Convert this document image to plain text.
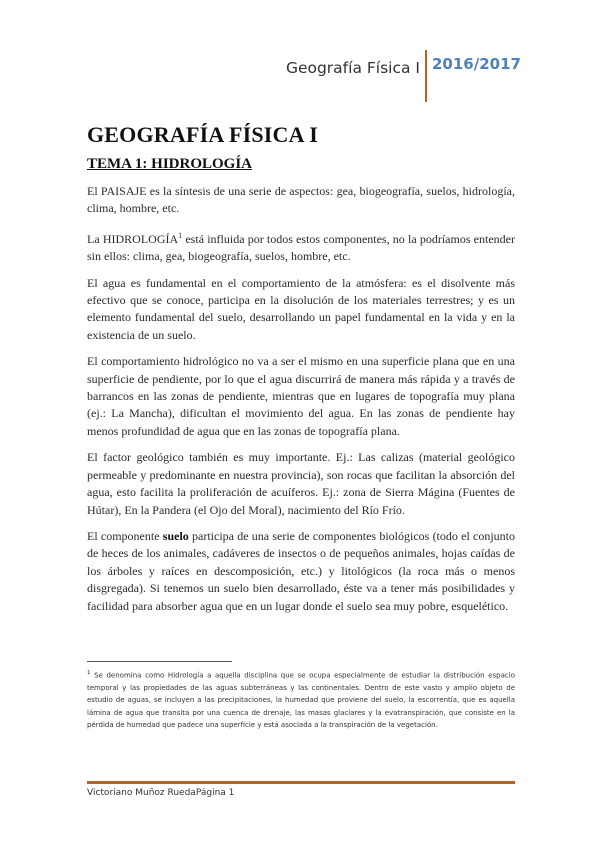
Geografía Física I 2016/2017
GEOGRAFÍA FÍSICA I
TEMA 1: HIDROLOGÍA

El PAISAJE es la síntesis de una serie de aspectos: gea, biogeografía, suelos, hidrología, clima, hombre, etc.

La HIDROLOGÍA$^1$ está influida por todos estos componentes, no la podríamos entender sin ellos: clima, gea, biogeografía, suelos, hombre, etc.

El agua es fundamental en el comportamiento de la atmósfera: es el disolvente más efectivo que se conoce, participa en la disolución de los materiales terrestres; y es un elemento fundamental del suelo, desarrollando un papel fundamental en la vida y en la existencia de un suelo.

El comportamiento hidrológico no va a ser el mismo en una superficie plana que en una superficie de pendiente, por lo que el agua discurrirá de manera más rápida y a través de barrancos en las zonas de pendiente, mientras que en lugares de topografía muy plana (ej.: La Mancha), dificultan el movimiento del agua. En las zonas de pendiente hay menos profundidad de agua que en las zonas de topografía plana.

El factor geológico también es muy importante. Ej.: Las calizas (material geológico permeable y predominante en nuestra provincia), son rocas que facilitan la absorción del agua, esto facilita la proliferación de acuíferos. Ej.: zona de Sierra Mágina (Fuentes de Hútar), En la Pandera (el Ojo del Moral), nacimiento del Río Frío.

El componente suelo participa de una serie de componentes biológicos (todo el conjunto de heces de los animales, cadáveres de insectos o de pequeños animales, hojas caídas de los árboles y raíces en descomposición, etc.) y litológicos (la roca más o menos disgregada). Si tenemos un suelo bien desarrollado, éste va a tener más posibilidades y facilidad para absorber agua que en un lugar donde el suelo sea muy pobre, esquelético.

$^1$ Se denomina como Hidrología a aquella disciplina que se ocupa especialmente de estudiar la distribución espacio temporal y las propiedades de las aguas subterráneas y las continentales. Dentro de este vasto y amplio objeto de estudio de aguas, se incluyen a las precipitaciones, la humedad que proviene del suelo, la escorrentía, que es aquella lámina de agua que transita por una cuenca de drenaje, las masas glaciares y la evatranspiración, que consiste en la pérdida de humedad que padece una superficie y está asociada a la transpiración de la vegetación.
Victoriano Muñoz RuedaPágina 1
